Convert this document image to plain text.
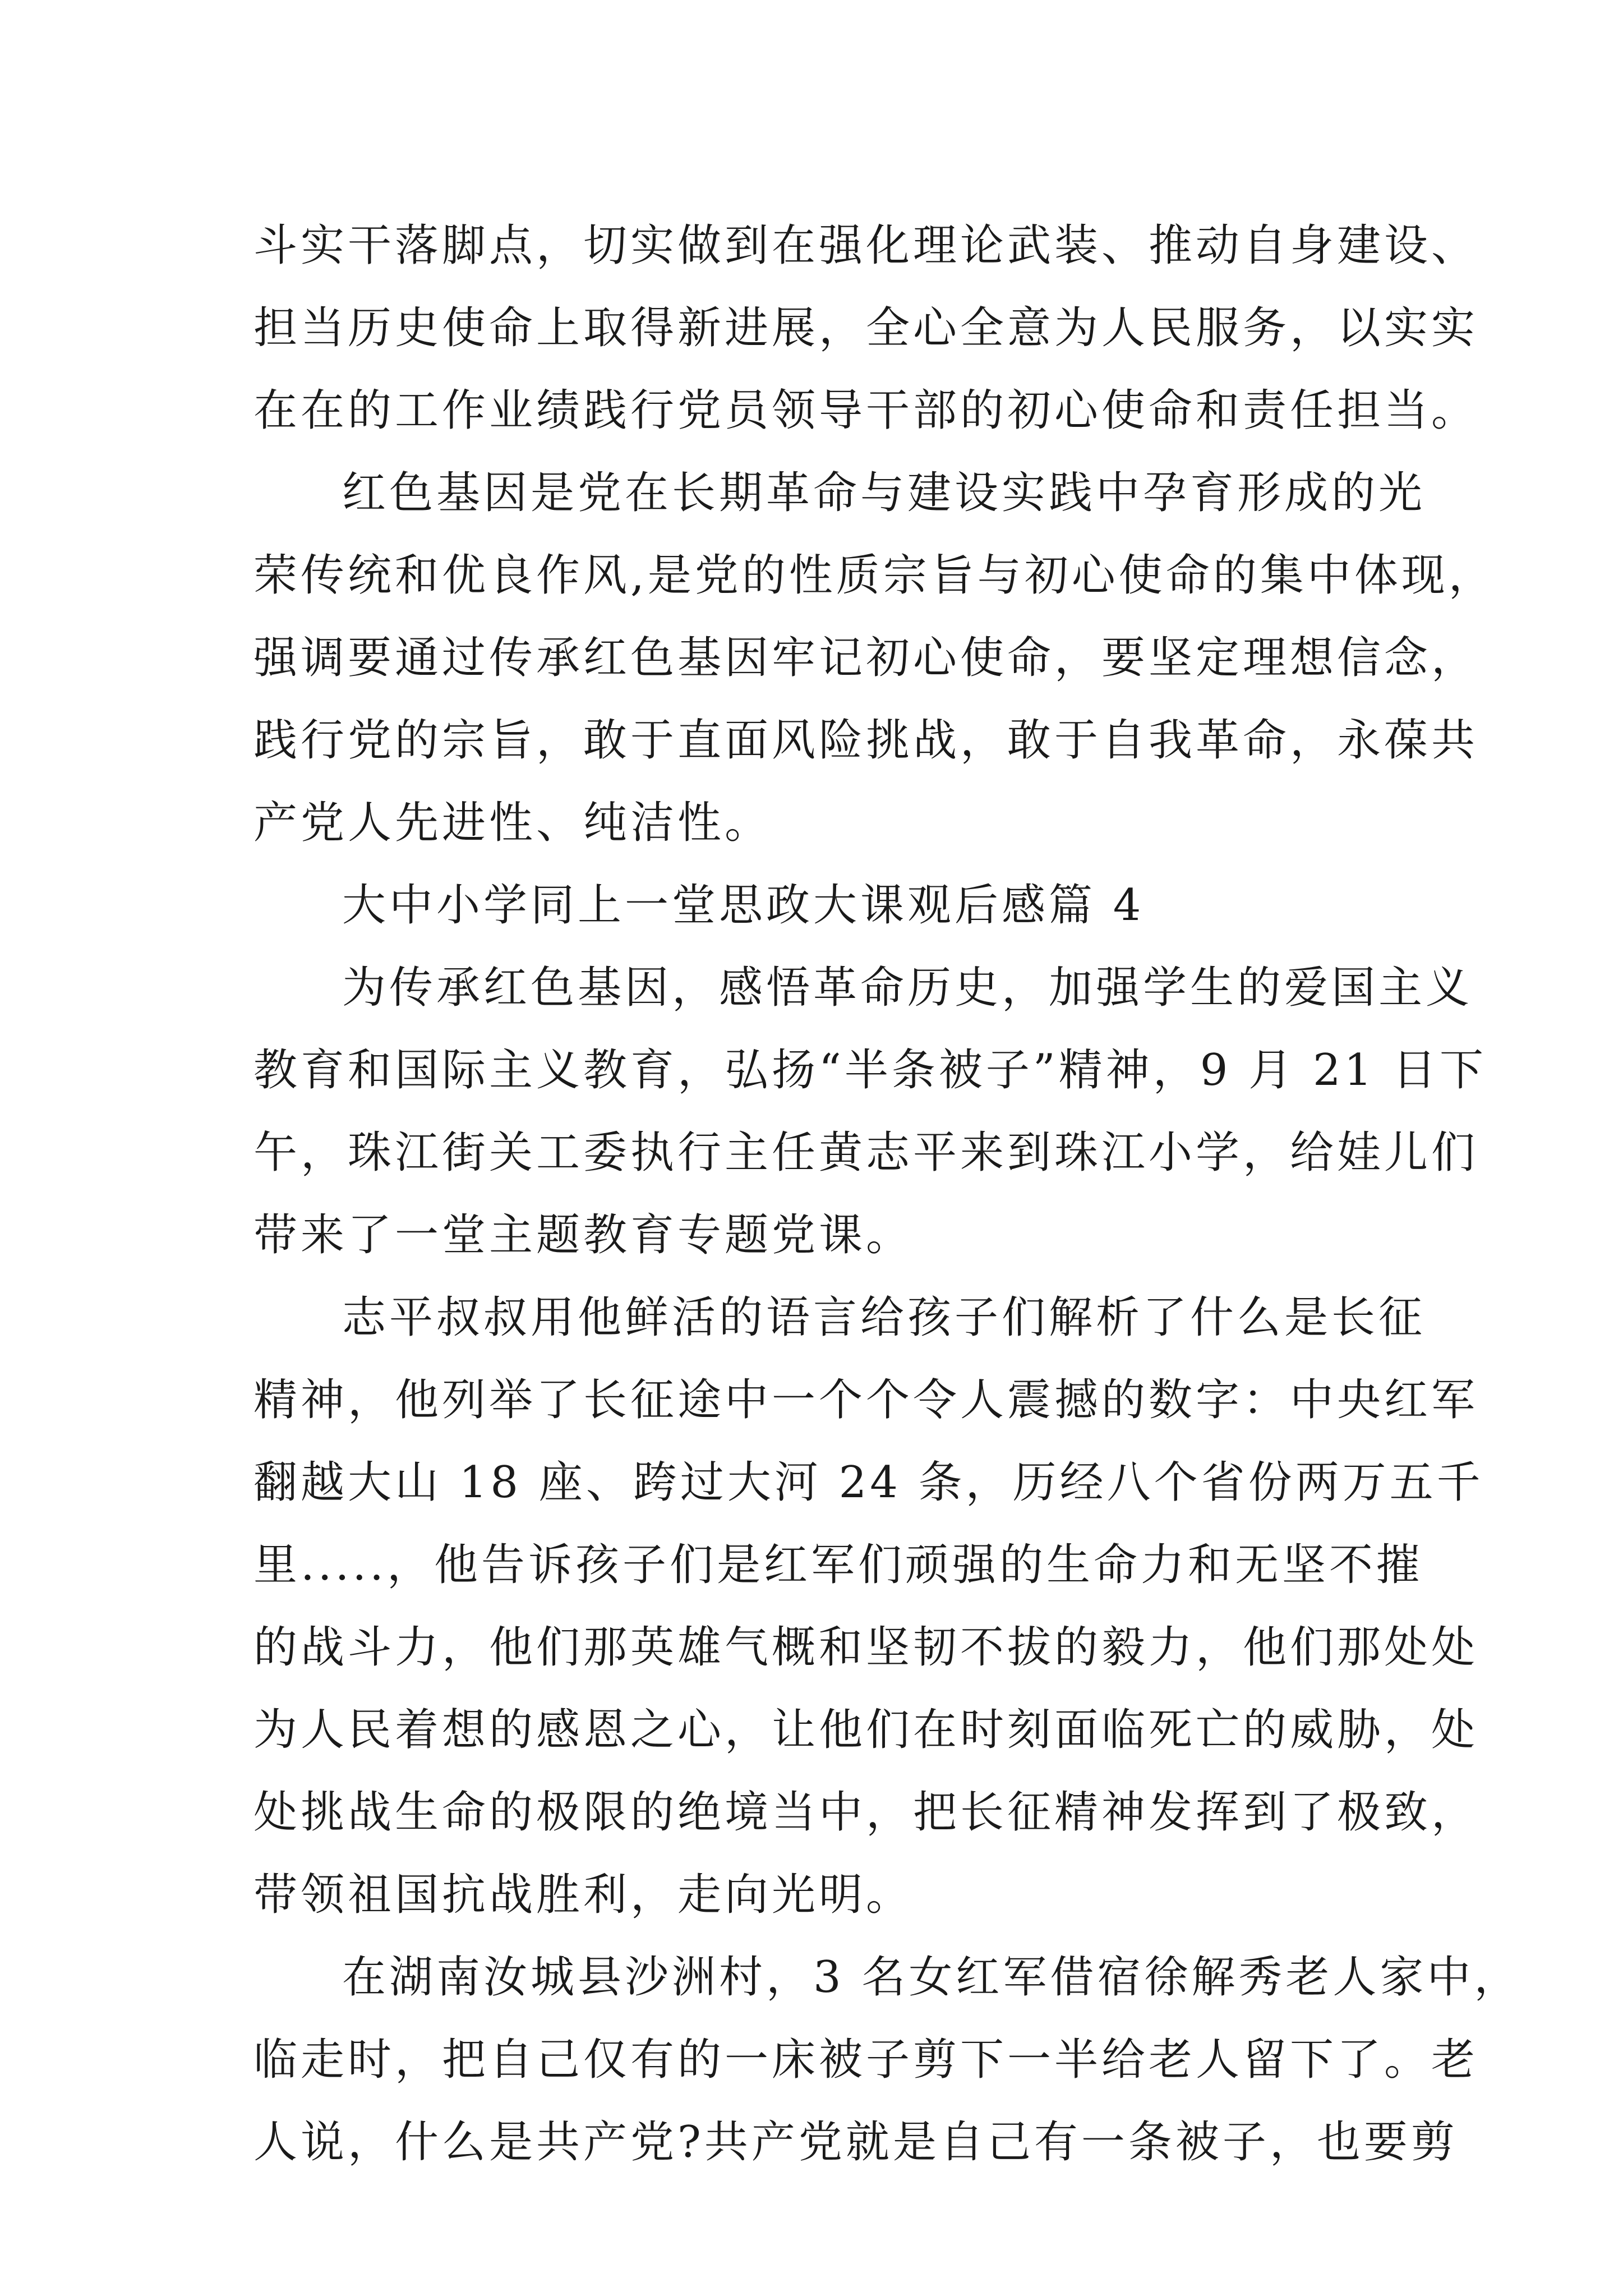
斗实干落脚点，切实做到在强化理论武装、推动自身建设、
担当历史使命上取得新进展，全心全意为人民服务，以实实
在在的工作业绩践行党员领导干部的初心使命和责任担当。
红色基因是党在长期革命与建设实践中孕育形成的光
荣传统和优良作风,是党的性质宗旨与初心使命的集中体现，
强调要通过传承红色基因牢记初心使命，要坚定理想信念，
践行党的宗旨，敢于直面风险挑战，敢于自我革命，永葆共
产党人先进性、纯洁性。
大中小学同上一堂思政大课观后感篇 4
为传承红色基因，感悟革命历史，加强学生的爱国主义
教育和国际主义教育，弘扬“半条被子”精神，9 月 21 日下
午，珠江街关工委执行主任黄志平来到珠江小学，给娃儿们
带来了一堂主题教育专题党课。
志平叔叔用他鲜活的语言给孩子们解析了什么是长征
精神，他列举了长征途中一个个令人震撼的数字：中央红军
翻越大山 18 座、跨过大河 24 条，历经八个省份两万五千
里.....，他告诉孩子们是红军们顽强的生命力和无坚不摧
的战斗力，他们那英雄气概和坚韧不拔的毅力，他们那处处
为人民着想的感恩之心，让他们在时刻面临死亡的威胁，处
处挑战生命的极限的绝境当中，把长征精神发挥到了极致，
带领祖国抗战胜利，走向光明。
在湖南汝城县沙洲村，3 名女红军借宿徐解秀老人家中，
临走时，把自己仅有的一床被子剪下一半给老人留下了。老
人说，什么是共产党?共产党就是自己有一条被子，也要剪
